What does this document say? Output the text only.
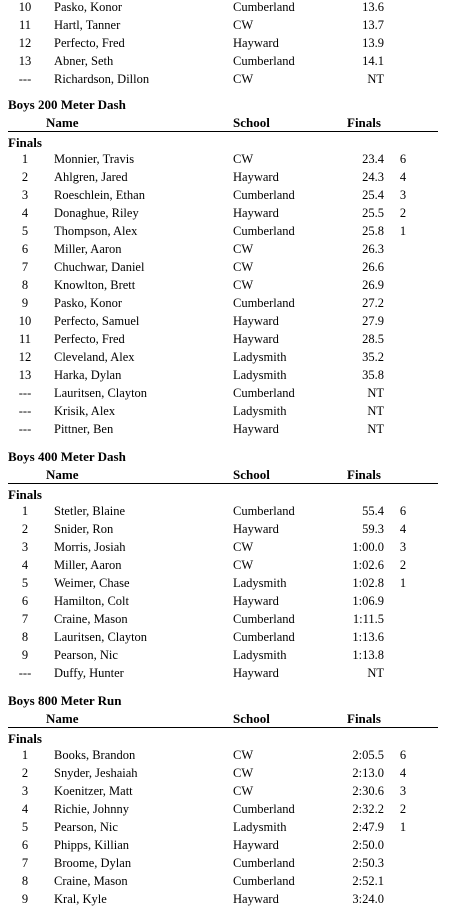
10	Pasko, Konor	Cumberland	13.6
11	Hartl, Tanner	CW	13.7
12	Perfecto, Fred	Hayward	13.9
13	Abner, Seth	Cumberland	14.1
---	Richardson, Dillon	CW	NT
Boys 200 Meter Dash
Name	School	Finals
Finals
1	Monnier, Travis	CW	23.4 6
2	Ahlgren, Jared	Hayward	24.3 4
3	Roeschlein, Ethan	Cumberland	25.4 3
4	Donaghue, Riley	Hayward	25.5 2
5	Thompson, Alex	Cumberland	25.8 1
6	Miller, Aaron	CW	26.3
7	Chuchwar, Daniel	CW	26.6
8	Knowlton, Brett	CW	26.9
9	Pasko, Konor	Cumberland	27.2
10	Perfecto, Samuel	Hayward	27.9
11	Perfecto, Fred	Hayward	28.5
12	Cleveland, Alex	Ladysmith	35.2
13	Harka, Dylan	Ladysmith	35.8
---	Lauritsen, Clayton	Cumberland	NT
---	Krisik, Alex	Ladysmith	NT
---	Pittner, Ben	Hayward	NT
Boys 400 Meter Dash
Name	School	Finals
Finals
1	Stetler, Blaine	Cumberland	55.4 6
2	Snider, Ron	Hayward	59.3 4
3	Morris, Josiah	CW	1:00.0 3
4	Miller, Aaron	CW	1:02.6 2
5	Weimer, Chase	Ladysmith	1:02.8 1
6	Hamilton, Colt	Hayward	1:06.9
7	Craine, Mason	Cumberland	1:11.5
8	Lauritsen, Clayton	Cumberland	1:13.6
9	Pearson, Nic	Ladysmith	1:13.8
---	Duffy, Hunter	Hayward	NT
Boys 800 Meter Run
Name	School	Finals
Finals
1	Books, Brandon	CW	2:05.5 6
2	Snyder, Jeshaiah	CW	2:13.0 4
3	Koenitzer, Matt	CW	2:30.6 3
4	Richie, Johnny	Cumberland	2:32.2 2
5	Pearson, Nic	Ladysmith	2:47.9 1
6	Phipps, Killian	Hayward	2:50.0
7	Broome, Dylan	Cumberland	2:50.3
8	Craine, Mason	Cumberland	2:52.1
9	Kral, Kyle	Hayward	3:24.0
